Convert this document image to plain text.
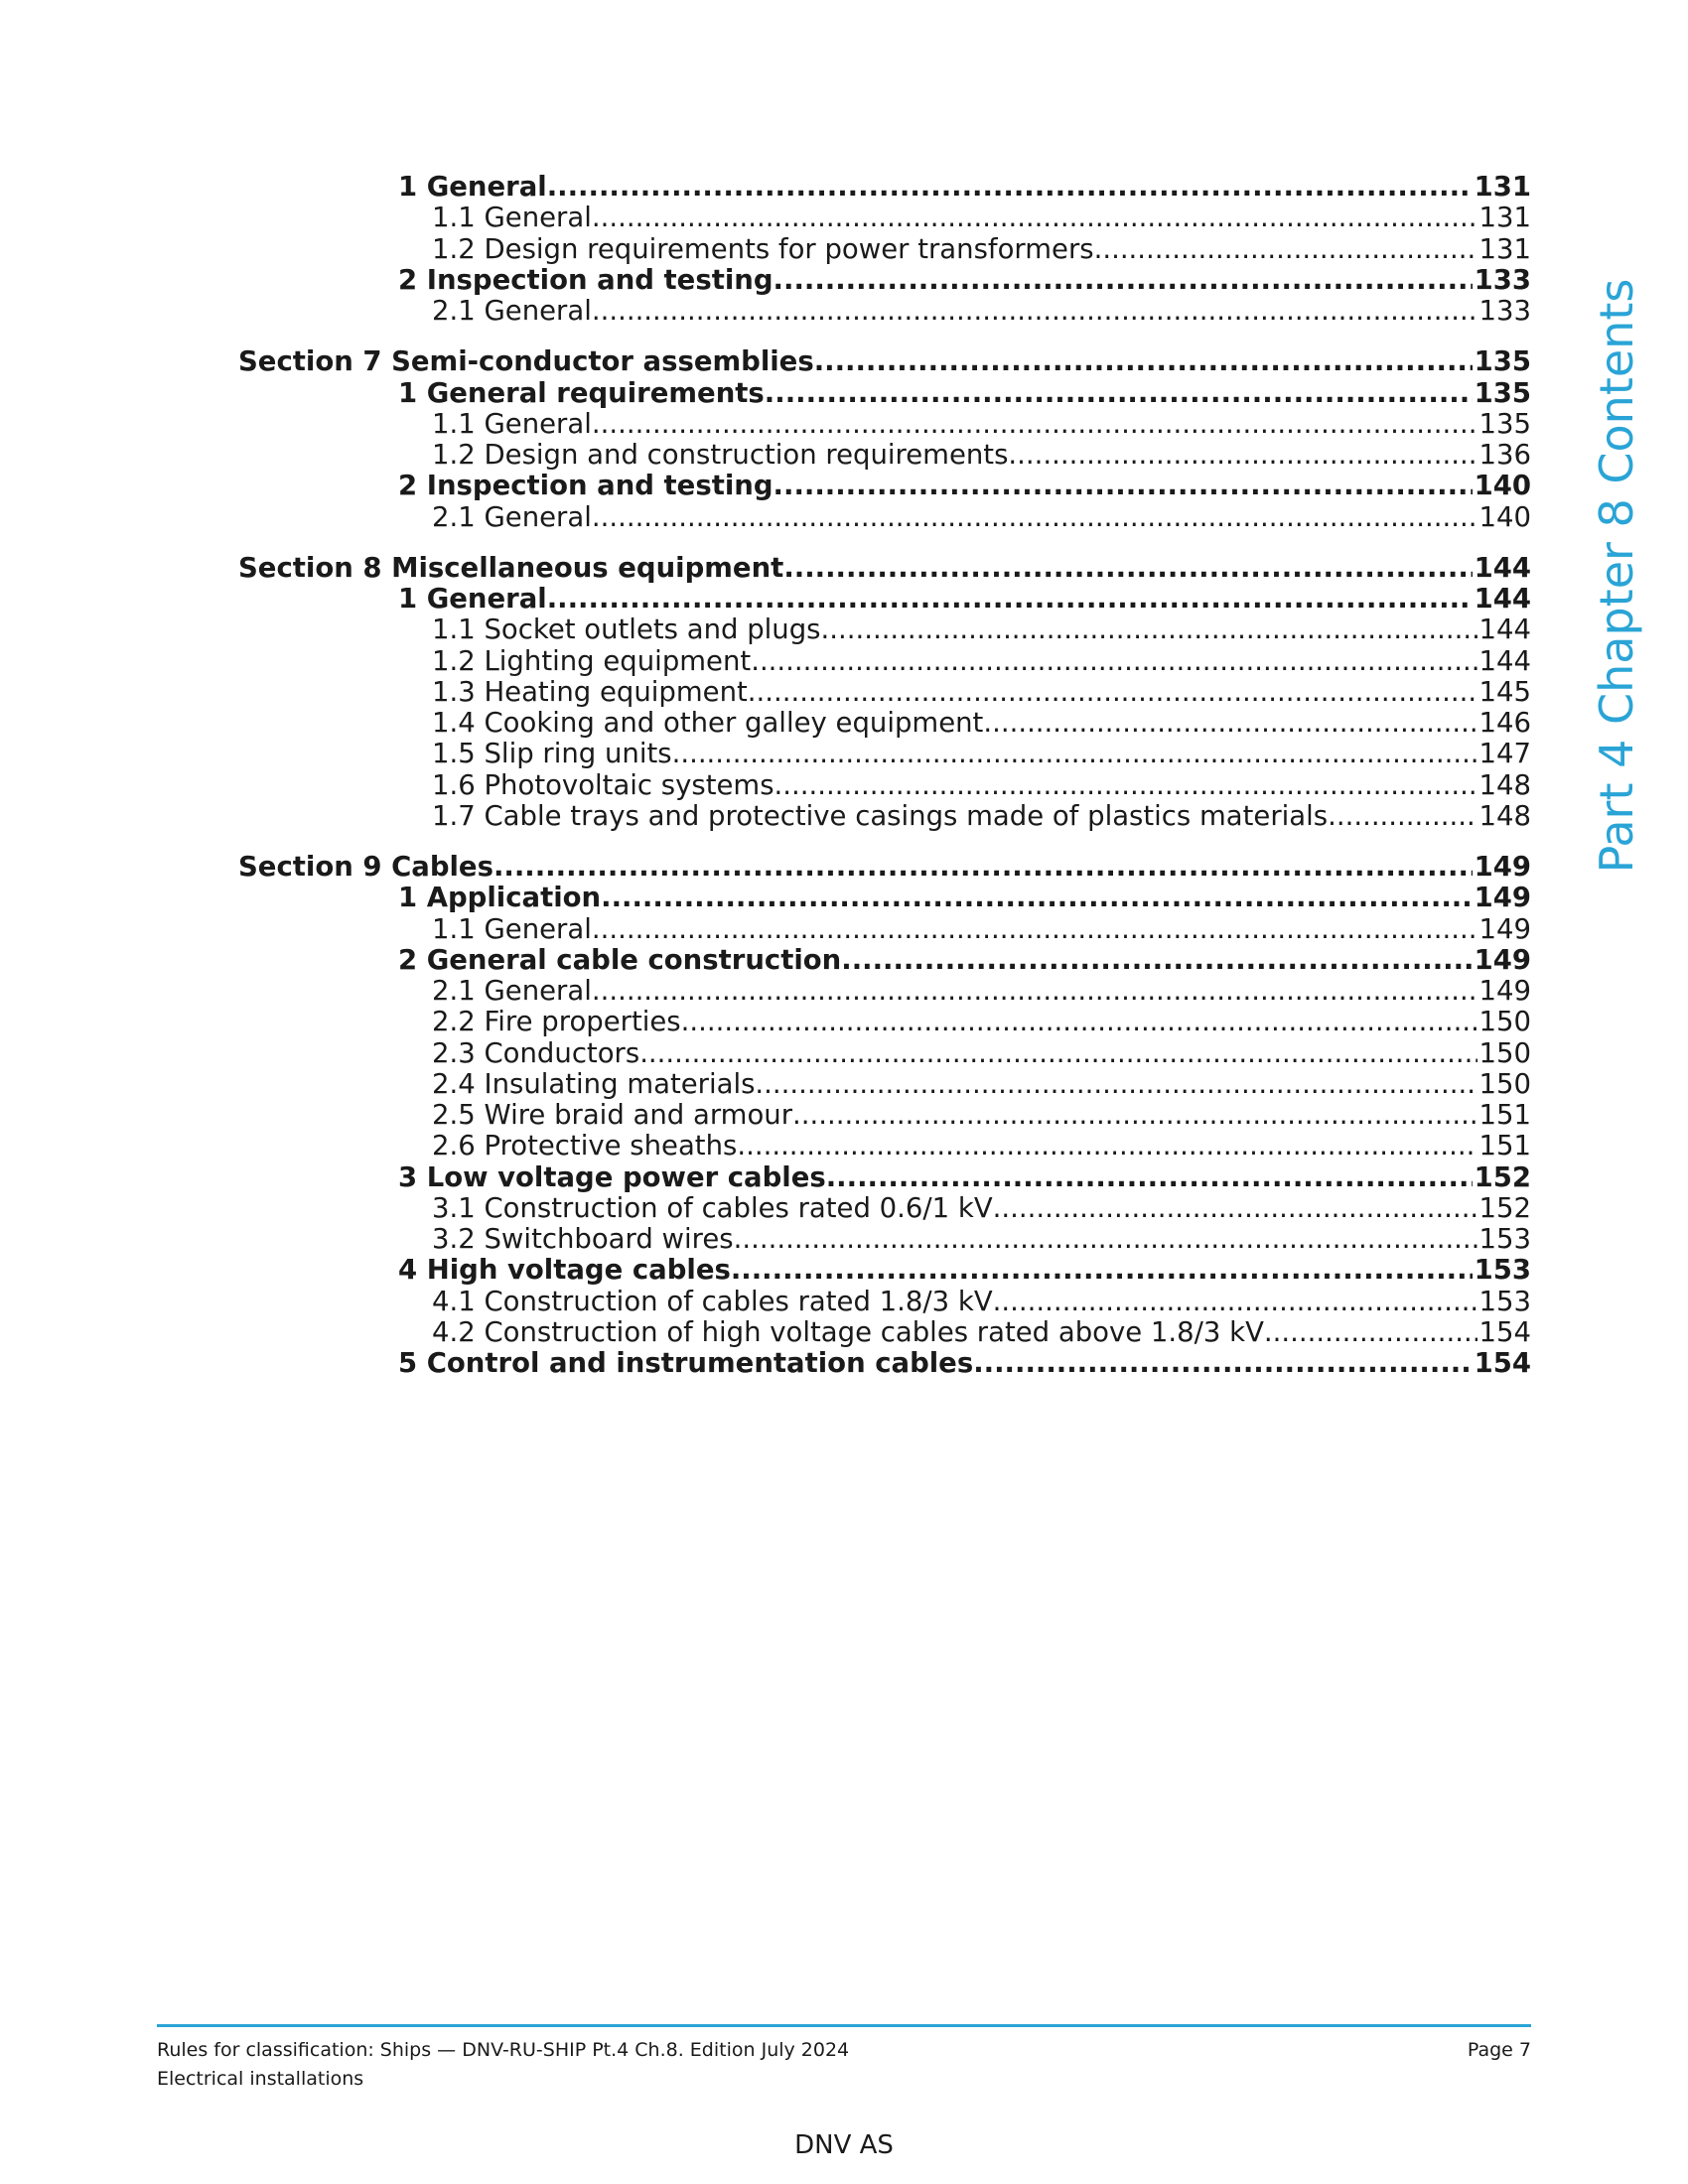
1 General .....	131
1.1 General .....	131
1.2 Design requirements for power transformers .....	131
2 Inspection and testing .....	133
2.1 General .....	133
Section 7 Semi-conductor assemblies .....	135
1 General requirements .....	135
1.1 General .....	135
1.2 Design and construction requirements .....	136
2 Inspection and testing .....	140
2.1 General .....	140
Section 8 Miscellaneous equipment .....	144
1 General .....	144
1.1 Socket outlets and plugs .....	144
1.2 Lighting equipment .....	144
1.3 Heating equipment .....	145
1.4 Cooking and other galley equipment .....	146
1.5 Slip ring units .....	147
1.6 Photovoltaic systems .....	148
1.7 Cable trays and protective casings made of plastics materials .....	148
Section 9 Cables .....	149
1 Application .....	149
1.1 General .....	149
2 General cable construction .....	149
2.1 General .....	149
2.2 Fire properties .....	150
2.3 Conductors .....	150
2.4 Insulating materials .....	150
2.5 Wire braid and armour .....	151
2.6 Protective sheaths .....	151
3 Low voltage power cables .....	152
3.1 Construction of cables rated 0.6/1 kV .....	152
3.2 Switchboard wires .....	153
4 High voltage cables .....	153
4.1 Construction of cables rated 1.8/3 kV .....	153
4.2 Construction of high voltage cables rated above 1.8/3 kV .....	154
5 Control and instrumentation cables .....	154
Part 4 Chapter 8 Contents
Rules for classification: Ships — DNV-RU-SHIP Pt.4 Ch.8. Edition July 2024
Electrical installations
Page 7
DNV AS
